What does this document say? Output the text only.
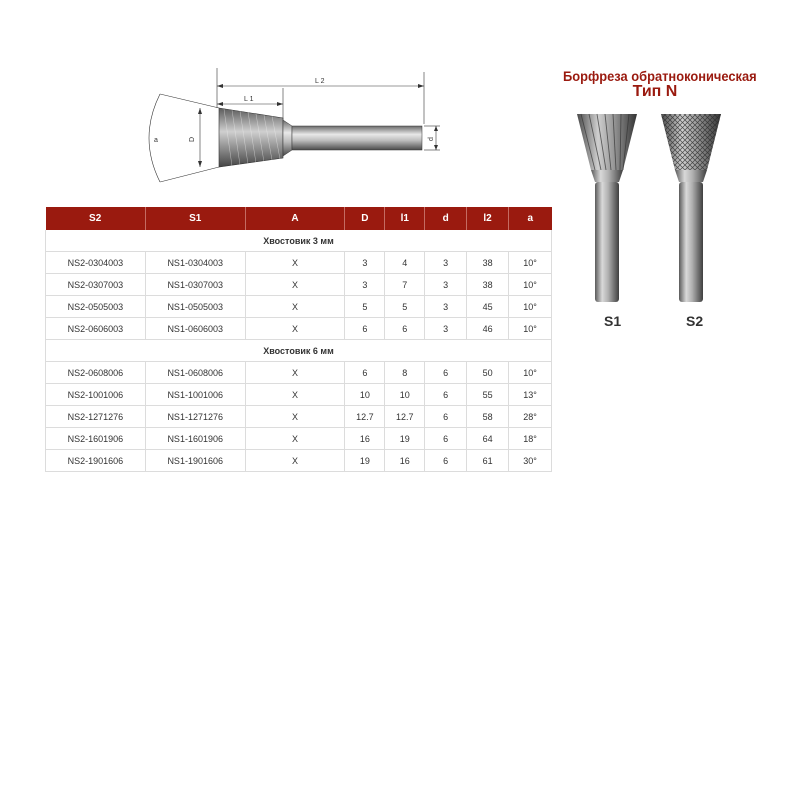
L 2
L 1
a	D	d
Борфреза обратноконическая
Тип N
S1	S2
S2	S1	A	D	l1	d	l2	a
Хвостовик 3 мм							
NS2-0304003	NS1-0304003	X	3	4	3	38	10°
NS2-0307003	NS1-0307003	X	3	7	3	38	10°
NS2-0505003	NS1-0505003	X	5	5	3	45	10°
NS2-0606003	NS1-0606003	X	6	6	3	46	10°
Хвостовик 6 мм							
NS2-0608006	NS1-0608006	X	6	8	6	50	10°
NS2-1001006	NS1-1001006	X	10	10	6	55	13°
NS2-1271276	NS1-1271276	X	12.7	12.7	6	58	28°
NS2-1601906	NS1-1601906	X	16	19	6	64	18°
NS2-1901606	NS1-1901606	X	19	16	6	61	30°
